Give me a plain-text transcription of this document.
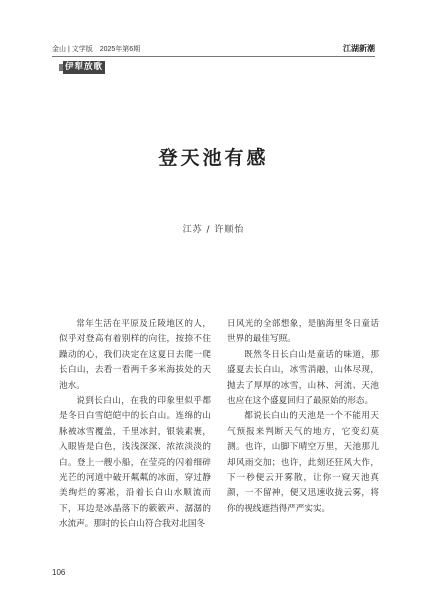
金山 | 文学版　2025年第6期	江湖新潮
伊犁放歌
登天池有感
江苏 / 许顺怡

常年生活在平原及丘陵地区的人，似乎对登高有着别样的向往，按捺不住躁动的心，我们决定在这夏日去爬一爬长白山，去看一看两千多米海拔处的天池水。

说到长白山，在我的印象里似乎都是冬日白雪皑皑中的长白山。连绵的山脉被冰雪覆盖，千里冰封，银装素裹，入眼皆是白色，浅浅深深、浓浓淡淡的白。登上一艘小船，在莹亮的闪着细碎光芒的河道中破开粼粼的冰面，穿过静美绚烂的雾凇，沿着长白山水顺流而下，耳边是冰晶落下的簌簌声、潺潺的水流声。那时的长白山符合我对北国冬

日风光的全部想象，是脑海里冬日童话世界的最佳写照。

既然冬日长白山是童话的味道，那盛夏去长白山，冰雪消融，山体尽现，抛去了厚厚的冰雪，山林、河流、天池也应在这个盛夏回归了最原始的形态。

都说长白山的天池是一个不能用天气预报来判断天气的地方，它变幻莫测。也许，山脚下晴空万里，天池那儿却风雨交加；也许，此刻还狂风大作，下一秒便云开雾散，让你一窥天池真颜，一不留神，便又迅速收拢云雾，将你的视线遮挡得严严实实。

106
